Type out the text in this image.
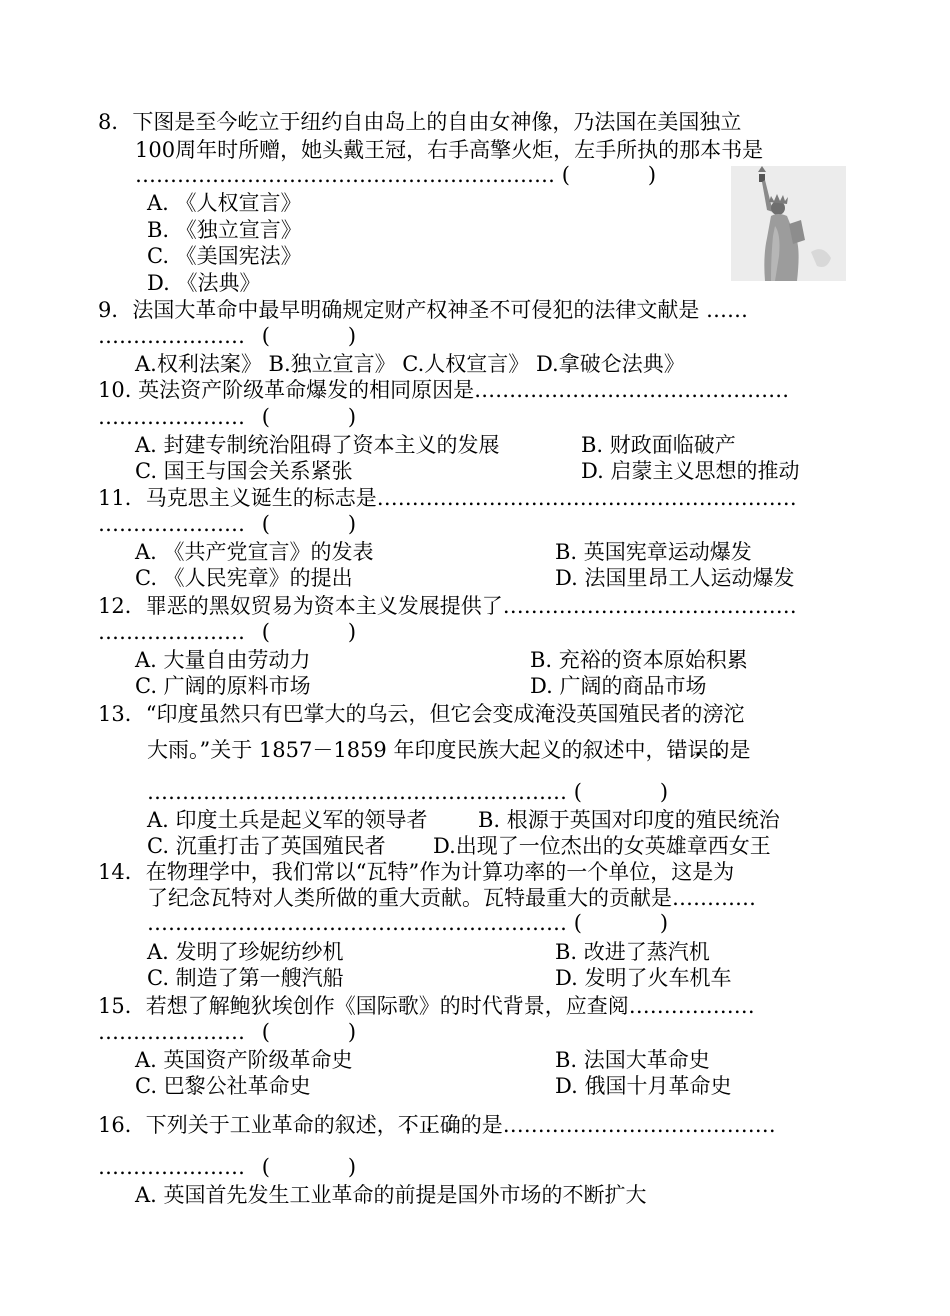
8．下图是至今屹立于纽约自由岛上的自由女神像，乃法国在美国独立
100周年时所赠，她头戴王冠，右手高擎火炬，左手所执的那本书是
…………………………………………………… (	)
A. 《人权宣言》
B. 《独立宣言》
C. 《美国宪法》
D. 《法典》
9．法国大革命中最早明确规定财产权神圣不可侵犯的法律文献是 ……
………………… (	)
A.权利法案》 B.独立宣言》 C.人权宣言》 D.拿破仑法典》
10. 英法资产阶级革命爆发的相同原因是………………………………………
………………… (	)
A. 封建专制统治阻碍了资本主义的发展	B. 财政面临破产
C. 国王与国会关系紧张	D. 启蒙主义思想的推动
11．马克思主义诞生的标志是……………………………………………………
………………… (	)
A. 《共产党宣言》的发表	B. 英国宪章运动爆发
C. 《人民宪章》的提出	D. 法国里昂工人运动爆发
12．罪恶的黑奴贸易为资本主义发展提供了……………………………………
………………… (	)
A. 大量自由劳动力	B. 充裕的资本原始积累
C. 广阔的原料市场	D. 广阔的商品市场
13．“印度虽然只有巴掌大的乌云，但它会变成淹没英国殖民者的滂沱
大雨。”关于 1857－1859 年印度民族大起义的叙述中，错 •误 •的 •是
…………………………………………………… (	)
A. 印度土兵是起义军的领导者 B. 根源于英国对印度的殖民统治
C. 沉重打击了英国殖民者 D.出现了一位杰出的女英雄章西女王
14．在物理学中，我们常以“瓦特”作为计算功率的一个单位，这是为
了纪念瓦特对人类所做的重大贡献。瓦特最重大的贡献是…………
…………………………………………………… (	)
A. 发明了珍妮纺纱机	B. 改进了蒸汽机
C. 制造了第一艘汽船	D. 发明了火车机车
15．若想了解鲍狄埃创作《国际歌》的时代背景，应查阅………………
………………… (	)
A. 英国资产阶级革命史	B. 法国大革命史
C. 巴黎公社革命史	D. 俄国十月革命史
16．下列关于工业革命的叙述，不 •正 •确 •的是…………………………………
………………… (	)
A. 英国首先发生工业革命的前提是国外市场的不断扩大
